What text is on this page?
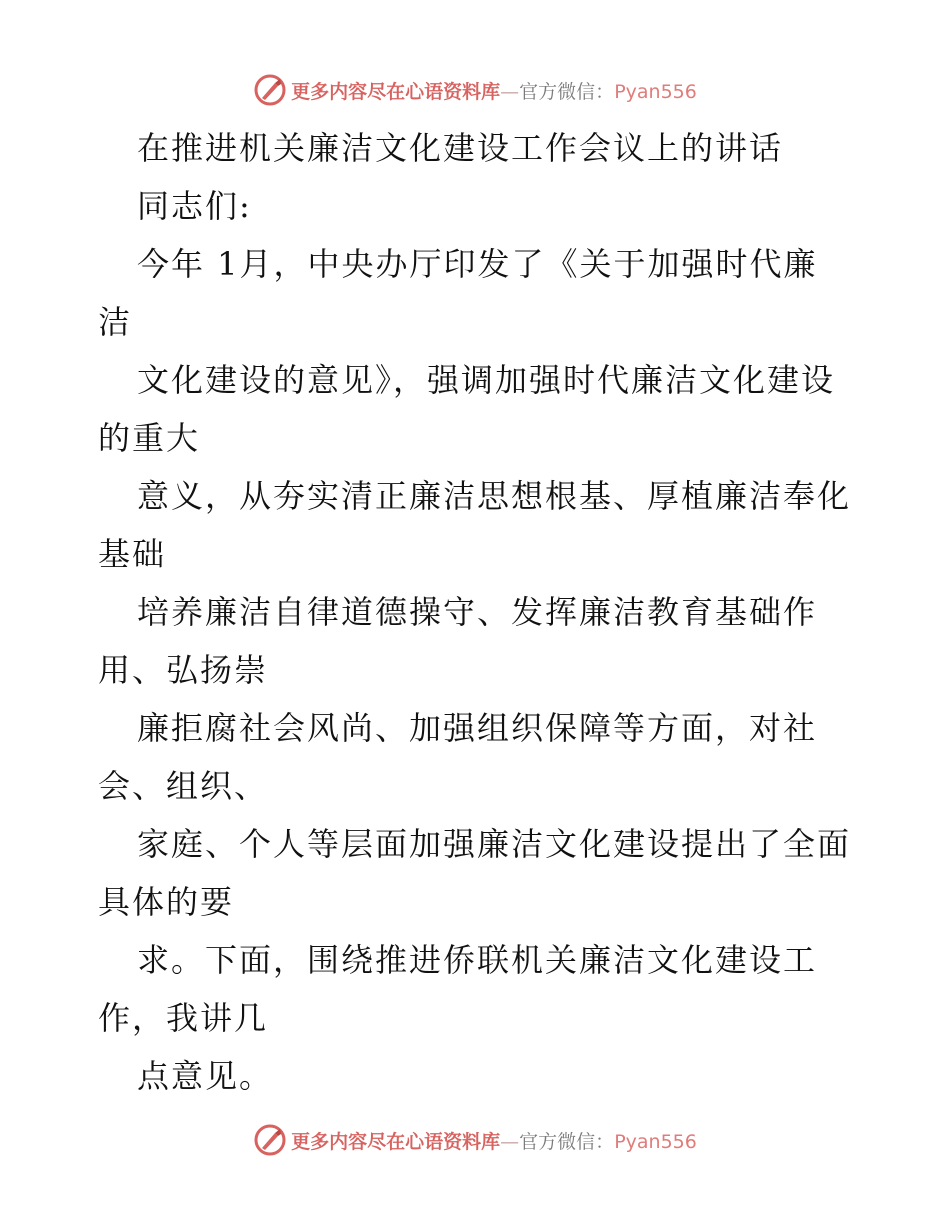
更多内容尽在心语资料库—官方微信：Pyan556
在推进机关廉洁文化建设工作会议上的讲话
同志们:
今年 1月，中央办厅印发了《关于加强时代廉
洁
文化建设的意见》，强调加强时代廉洁文化建设
的重大
意义，从夯实清正廉洁思想根基、厚植廉洁奉化
基础
培养廉洁自律道德操守、发挥廉洁教育基础作
用、弘扬崇
廉拒腐社会风尚、加强组织保障等方面，对社
会、组织、
家庭、个人等层面加强廉洁文化建设提出了全面
具体的要
求。下面，围绕推进侨联机关廉洁文化建设工
作，我讲几
点意见。
更多内容尽在心语资料库—官方微信：Pyan556
